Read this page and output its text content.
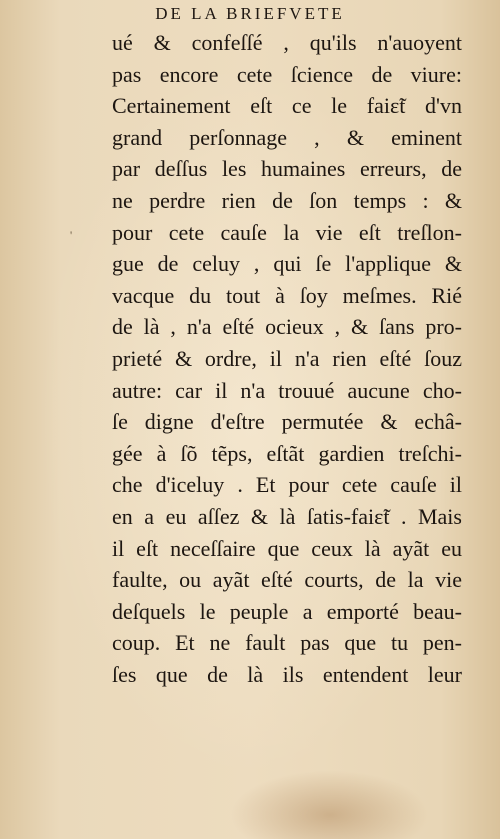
DE LA BRIEFVETE
'
ué & confeſſé , qu'ils n'auoyent
pas encore cete ſcience de viure:
Certainement eſt ce le faiɛ̃t d'vn
grand perſonnage , & eminent
par deſſus les humaines erreurs, de
ne perdre rien de ſon temps : &
pour cete cauſe la vie eſt treſlon-
gue de celuy , qui ſe l'applique &
vacque du tout à ſoy meſmes. Rié
de là , n'a eſté ocieux , & ſans pro-
prieté & ordre, il n'a rien eſté ſouz
autre: car il n'a trouué aucune cho-
ſe digne d'eſtre permutée & echâ-
gée à ſõ tẽps, eſtãt gardien treſchi-
che d'iceluy . Et pour cete cauſe il
en a eu aſſez & là ſatis-faiɛ̃t . Mais
il eſt neceſſaire que ceux là ayãt eu
faulte, ou ayãt eſté courts, de la vie
deſquels le peuple a emporté beau-
coup. Et ne fault pas que tu pen-
ſes que de là ils entendent leur
